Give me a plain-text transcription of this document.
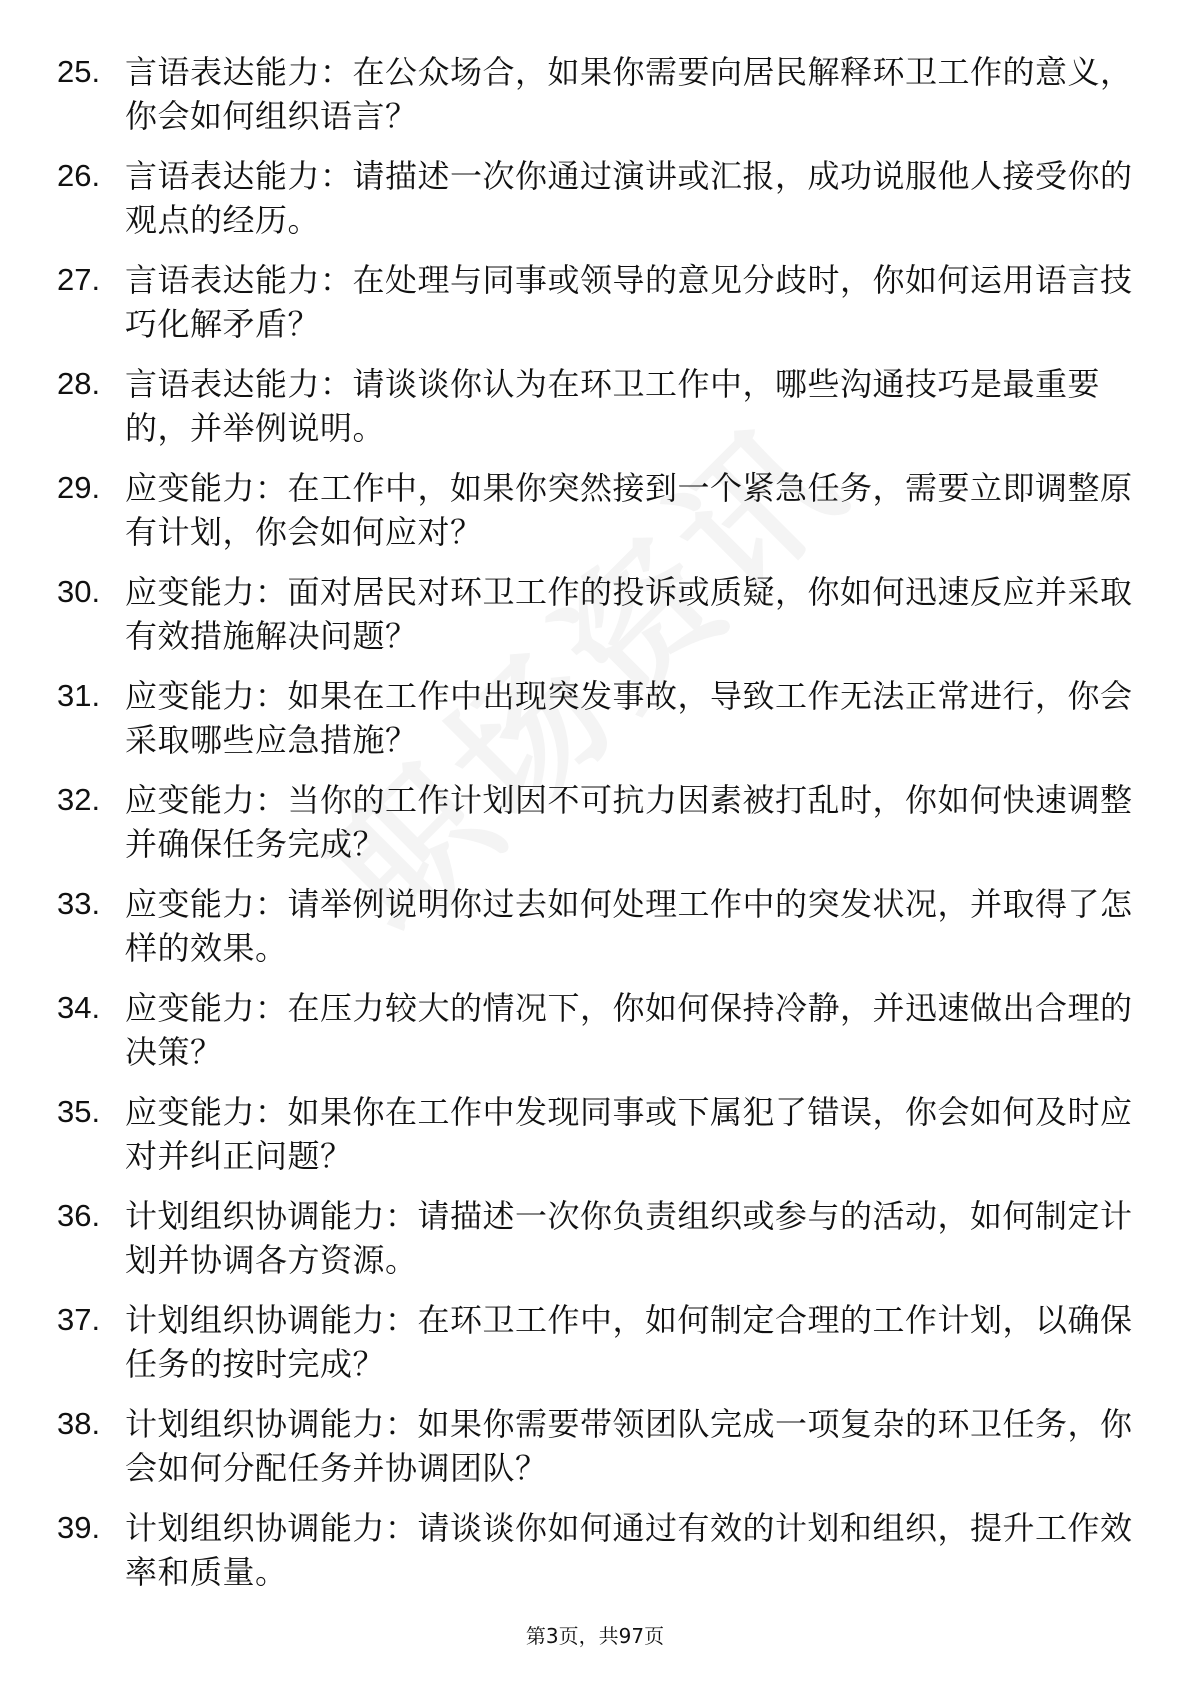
25. 言语表达能力：在公众场合，如果你需要向居民解释环卫工作的意义，你会如何组织语言？
26. 言语表达能力：请描述一次你通过演讲或汇报，成功说服他人接受你的观点的经历。
27. 言语表达能力：在处理与同事或领导的意见分歧时，你如何运用语言技巧化解矛盾？
28. 言语表达能力：请谈谈你认为在环卫工作中，哪些沟通技巧是最重要的，并举例说明。
29. 应变能力：在工作中，如果你突然接到一个紧急任务，需要立即调整原有计划，你会如何应对？
30. 应变能力：面对居民对环卫工作的投诉或质疑，你如何迅速反应并采取有效措施解决问题？
31. 应变能力：如果在工作中出现突发事故，导致工作无法正常进行，你会采取哪些应急措施？
32. 应变能力：当你的工作计划因不可抗力因素被打乱时，你如何快速调整并确保任务完成？
33. 应变能力：请举例说明你过去如何处理工作中的突发状况，并取得了怎样的效果。
34. 应变能力：在压力较大的情况下，你如何保持冷静，并迅速做出合理的决策？
35. 应变能力：如果你在工作中发现同事或下属犯了错误，你会如何及时应对并纠正问题？
36. 计划组织协调能力：请描述一次你负责组织或参与的活动，如何制定计划并协调各方资源。
37. 计划组织协调能力：在环卫工作中，如何制定合理的工作计划，以确保任务的按时完成？
38. 计划组织协调能力：如果你需要带领团队完成一项复杂的环卫任务，你会如何分配任务并协调团队？
39. 计划组织协调能力：请谈谈你如何通过有效的计划和组织，提升工作效率和质量。
第3页，共97页
